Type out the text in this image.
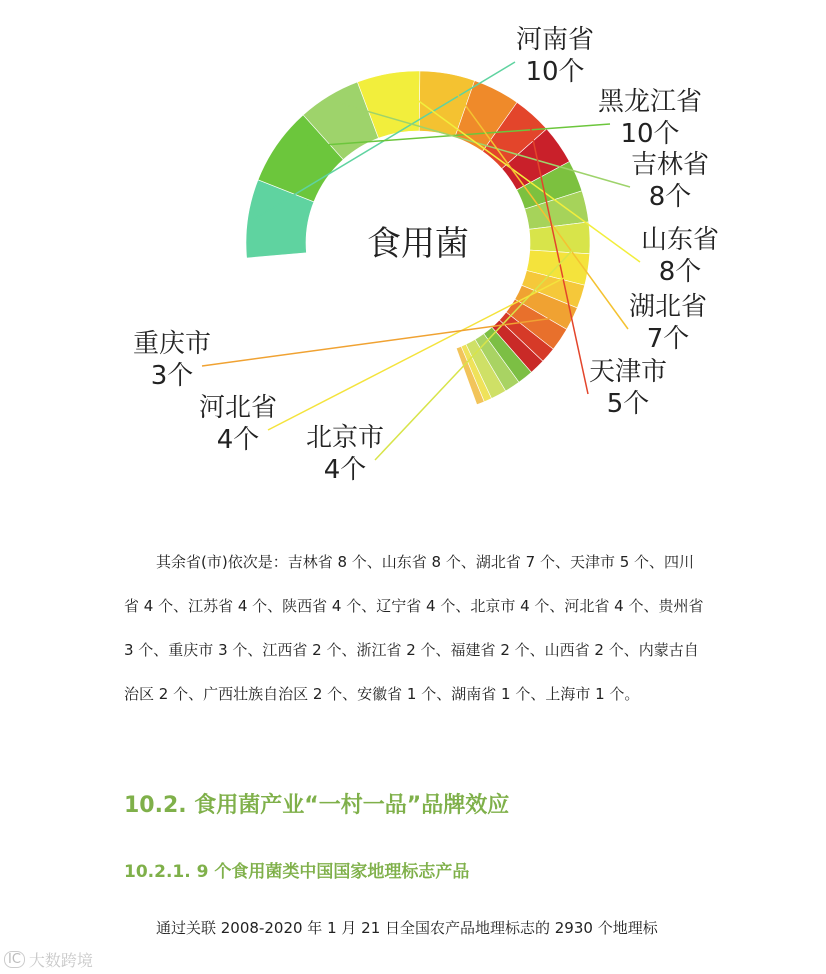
河南省
10个
黑龙江省
10个
吉林省
8个
山东省
8个
湖北省
7个
天津市
5个
北京市
4个
河北省
4个
重庆市
3个
食用菌

其余省(市)依次是：吉林省 8 个、山东省 8 个、湖北省 7 个、天津市 5 个、四川省 4 个、江苏省 4 个、陕西省 4 个、辽宁省 4 个、北京市 4 个、河北省 4 个、贵州省 3 个、重庆市 3 个、江西省 2 个、浙江省 2 个、福建省 2 个、山西省 2 个、内蒙古自治区 2 个、广西壮族自治区 2 个、安徽省 1 个、湖南省 1 个、上海市 1 个。

10.2. 食用菌产业“一村一品”品牌效应
10.2.1. 9 个食用菌类中国国家地理标志产品

通过关联 2008-2020 年 1 月 21 日全国农产品地理标志的 2930 个地理标

IC 大数跨境
